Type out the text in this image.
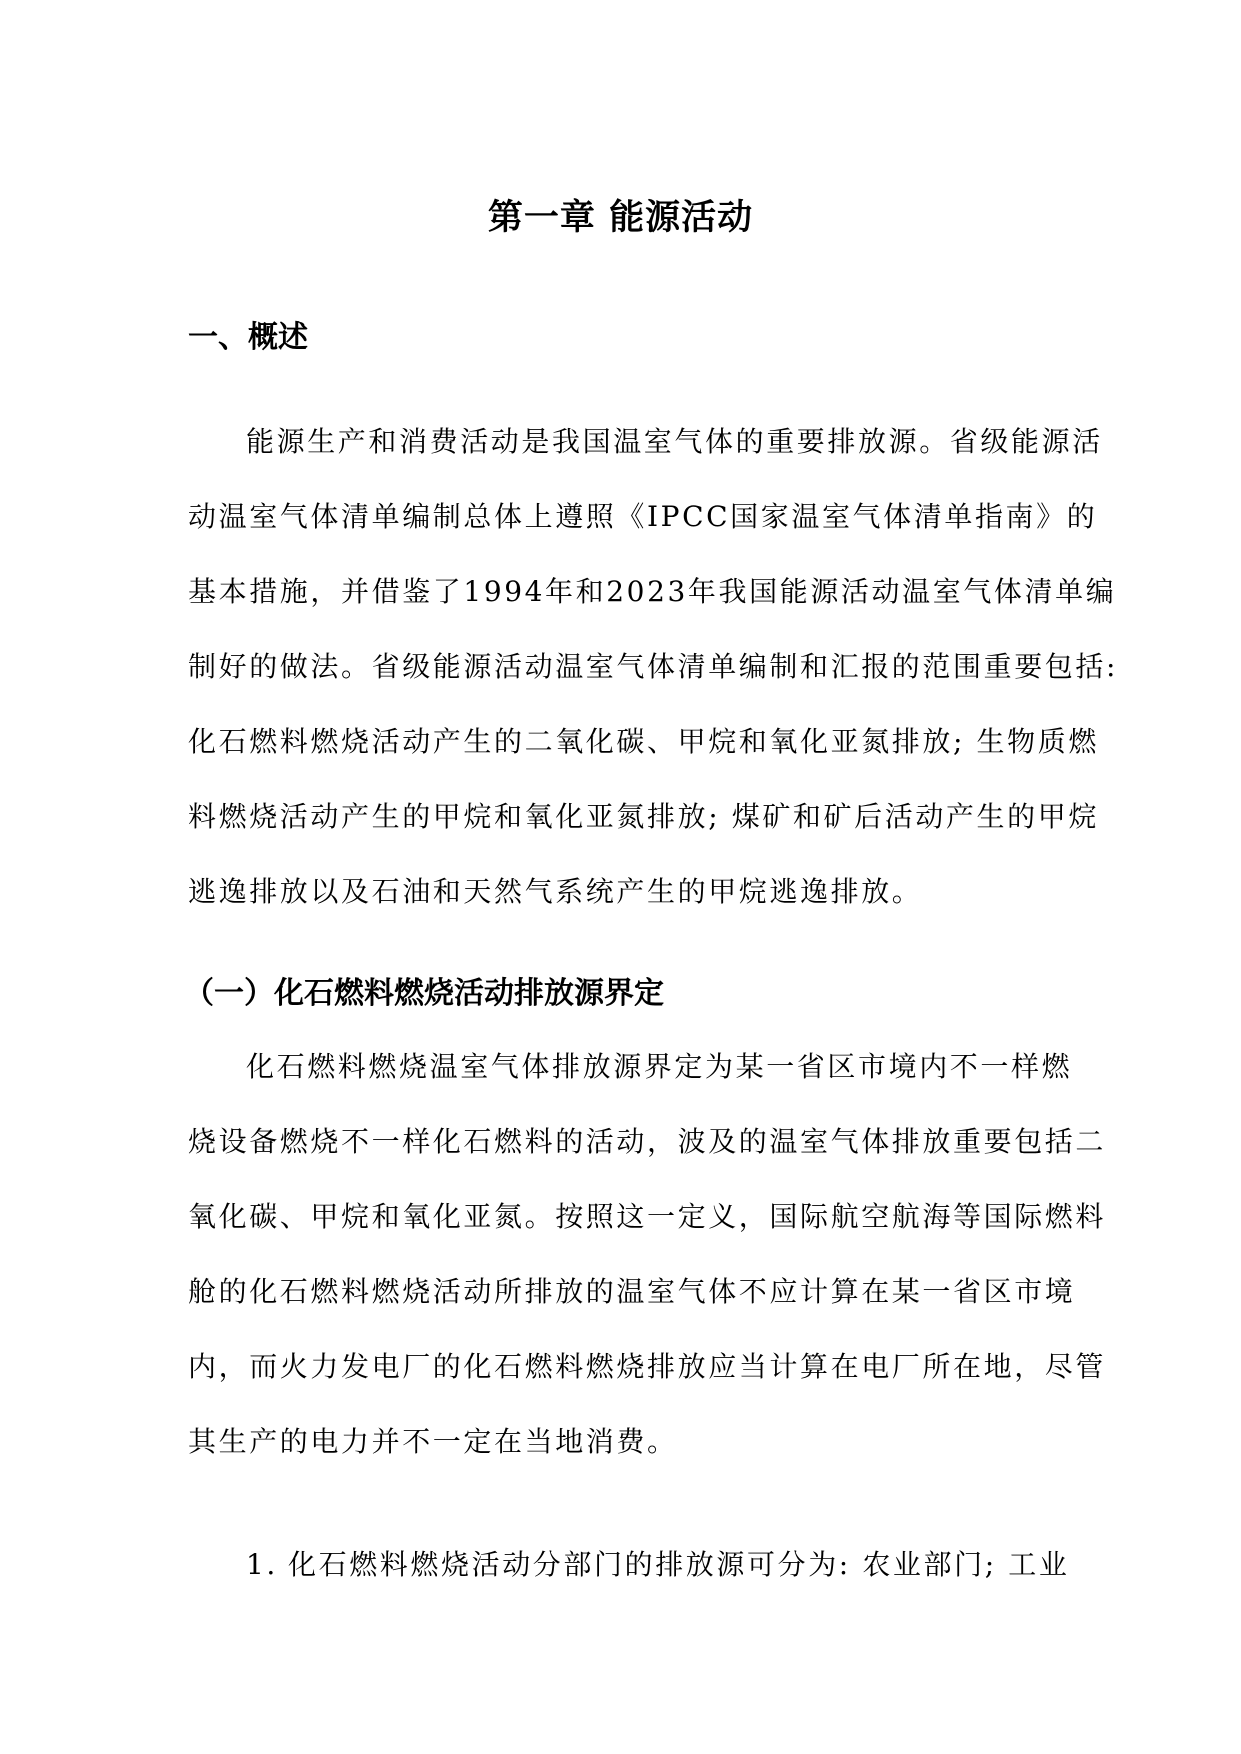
第一章 能源活动
一、概述
能源生产和消费活动是我国温室气体的重要排放源。省级能源活
动温室气体清单编制总体上遵照《IPCC国家温室气体清单指南》的
基本措施，并借鉴了1994年和2023年我国能源活动温室气体清单编
制好的做法。省级能源活动温室气体清单编制和汇报的范围重要包括:
化石燃料燃烧活动产生的二氧化碳、甲烷和氧化亚氮排放; 生物质燃
料燃烧活动产生的甲烷和氧化亚氮排放; 煤矿和矿后活动产生的甲烷
逃逸排放以及石油和天然气系统产生的甲烷逃逸排放。
（一）化石燃料燃烧活动排放源界定
化石燃料燃烧温室气体排放源界定为某一省区市境内不一样燃
烧设备燃烧不一样化石燃料的活动，波及的温室气体排放重要包括二
氧化碳、甲烷和氧化亚氮。按照这一定义，国际航空航海等国际燃料
舱的化石燃料燃烧活动所排放的温室气体不应计算在某一省区市境
内，而火力发电厂的化石燃料燃烧排放应当计算在电厂所在地，尽管
其生产的电力并不一定在当地消费。
1. 化石燃料燃烧活动分部门的排放源可分为: 农业部门; 工业
